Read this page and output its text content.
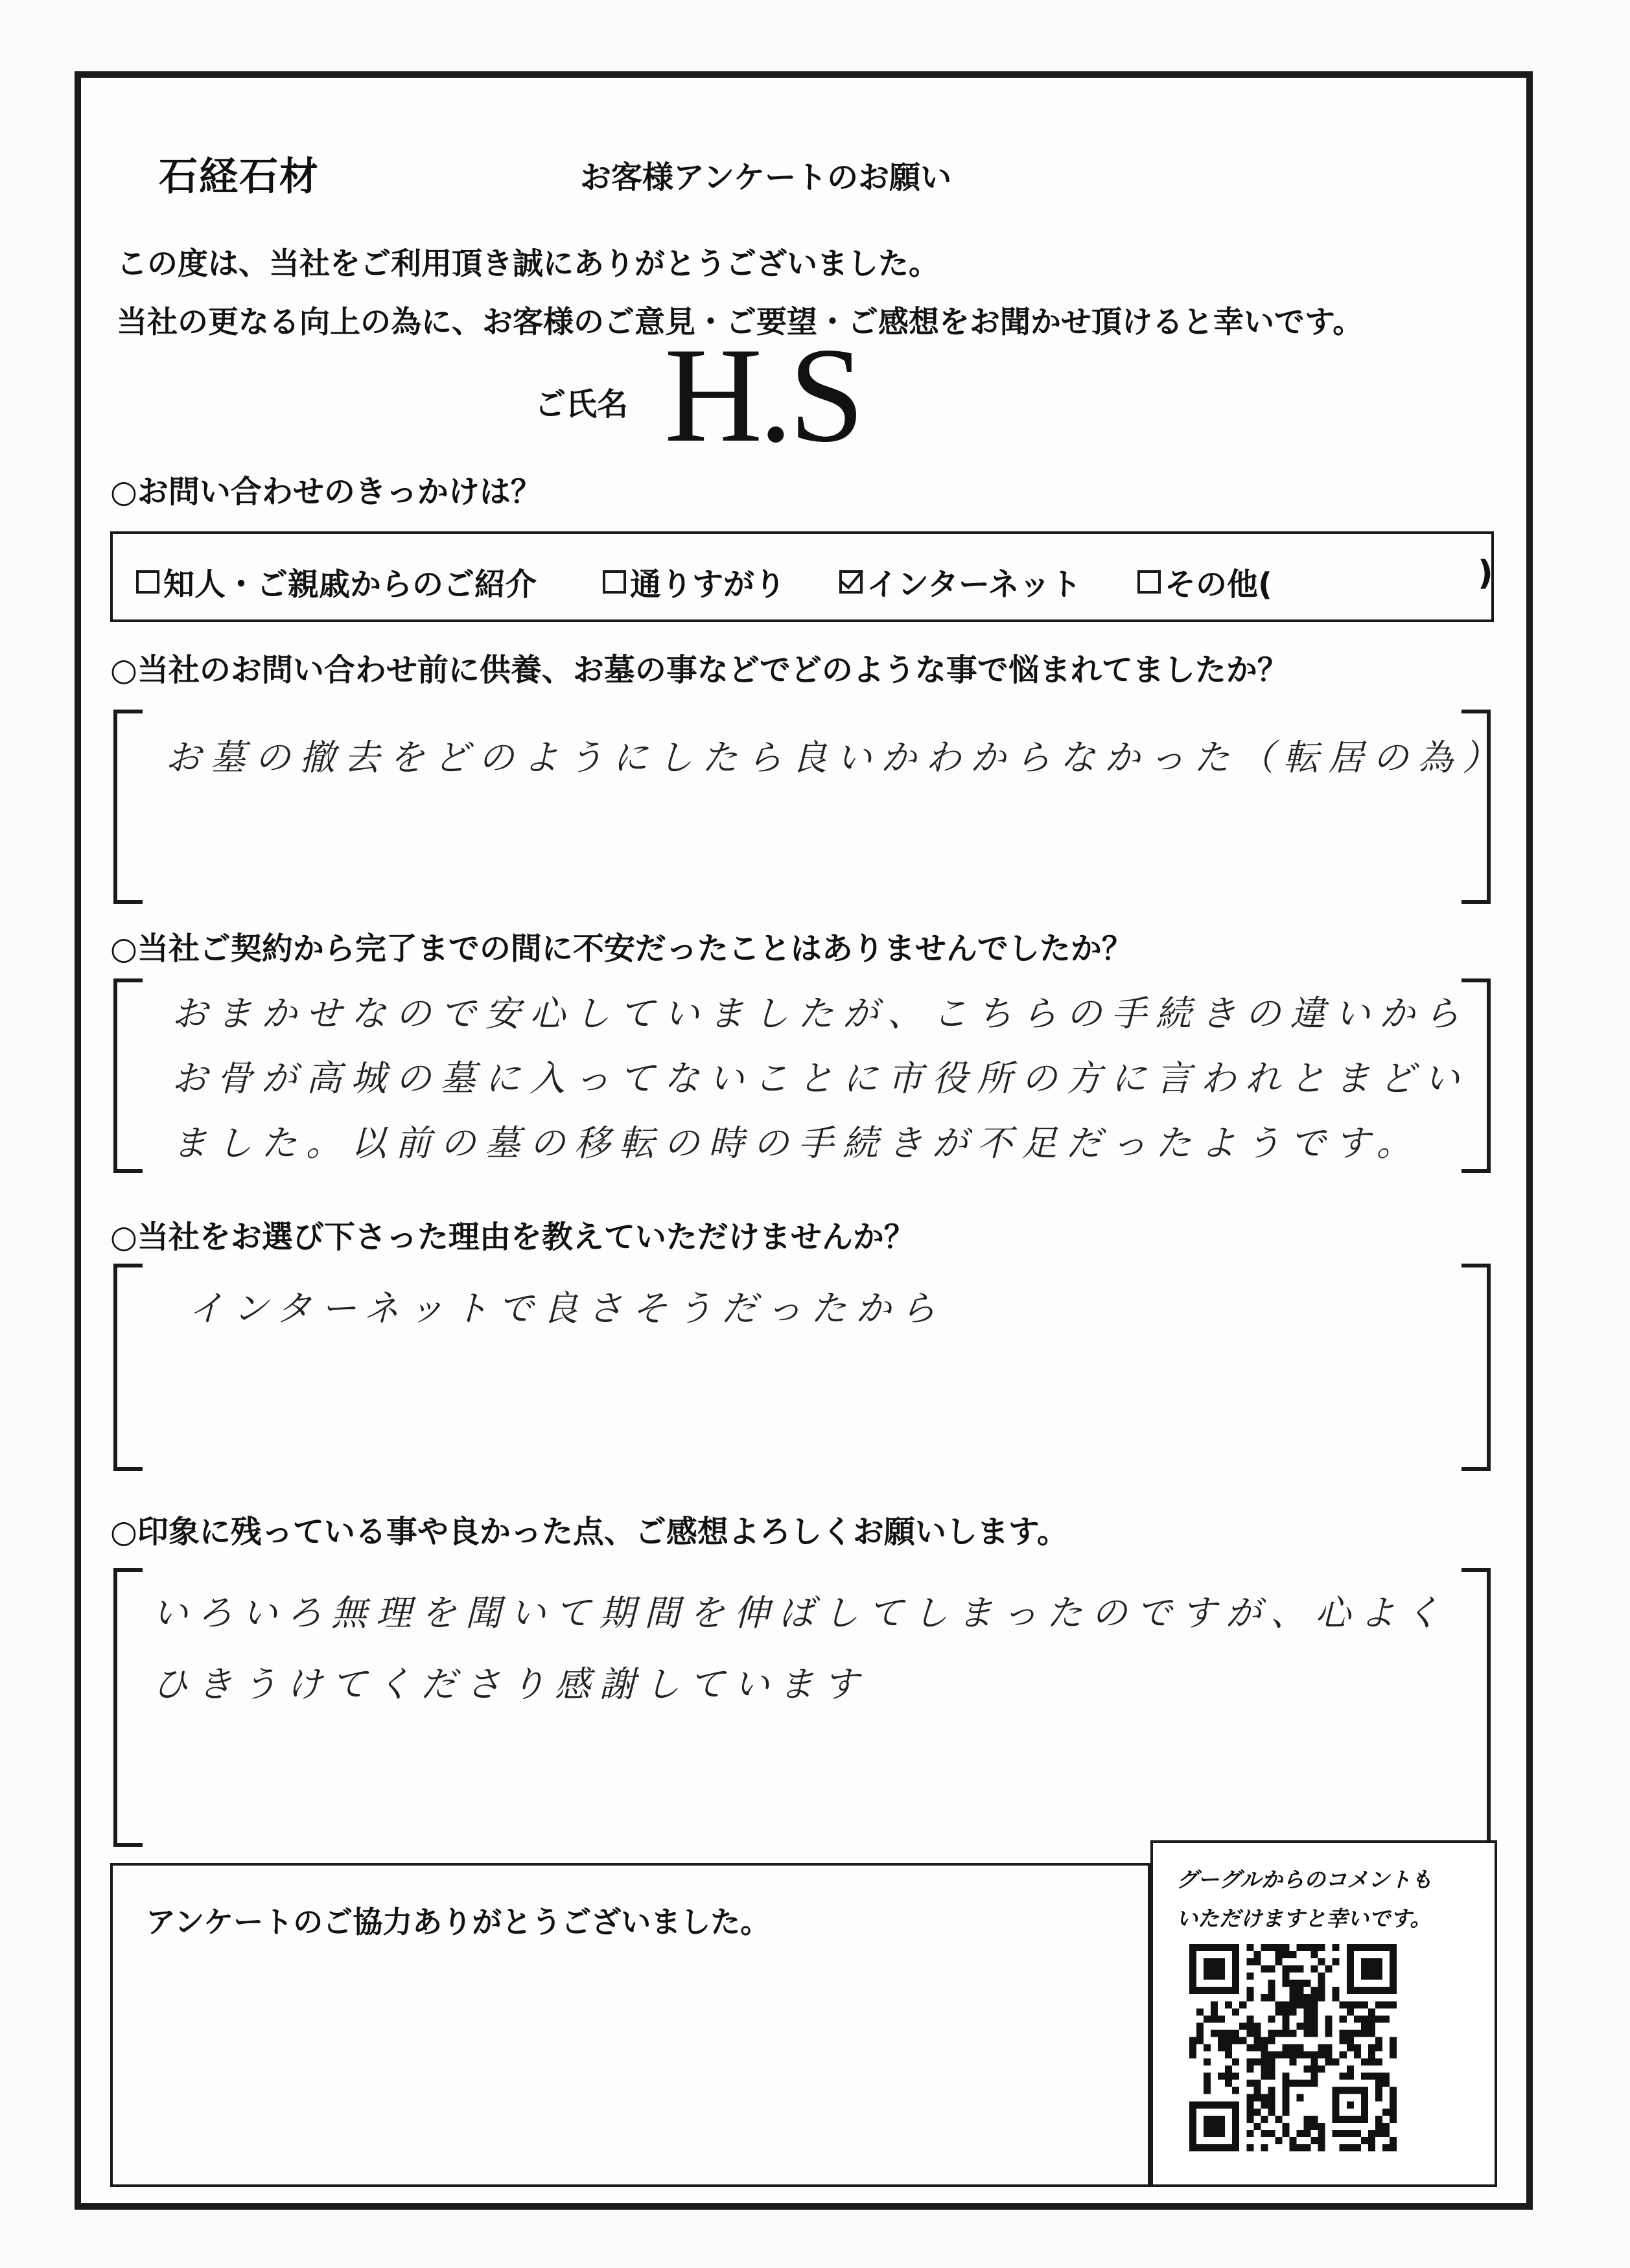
石経石材	お客様アンケートのお願い
この度は、当社をご利用頂き誠にありがとうございました。
当社の更なる向上の為に、お客様のご意見・ご要望・ご感想をお聞かせ頂けると幸いです。
ご氏名 H.S
○お問い合わせのきっかけは？
知人・ご親戚からのご紹介	通りすがり	インターネット	その他(	)
○当社のお問い合わせ前に供養、お墓の事などでどのような事で悩まれてましたか？
お墓の撤去をどのようにしたら良いかわからなかった（転居の為）
○当社ご契約から完了までの間に不安だったことはありませんでしたか？
おまかせなので安心していましたが、こちらの手続きの違いから
お骨が高城の墓に入ってないことに市役所の方に言われとまどい
ました。以前の墓の移転の時の手続きが不足だったようです。
○当社をお選び下さった理由を教えていただけませんか？
インターネットで良さそうだったから
○印象に残っている事や良かった点、ご感想よろしくお願いします。
いろいろ無理を聞いて期間を伸ばしてしまったのですが、心よく
ひきうけてくださり感謝しています
アンケートのご協力ありがとうございました。
グーグルからのコメントも
いただけますと幸いです。
